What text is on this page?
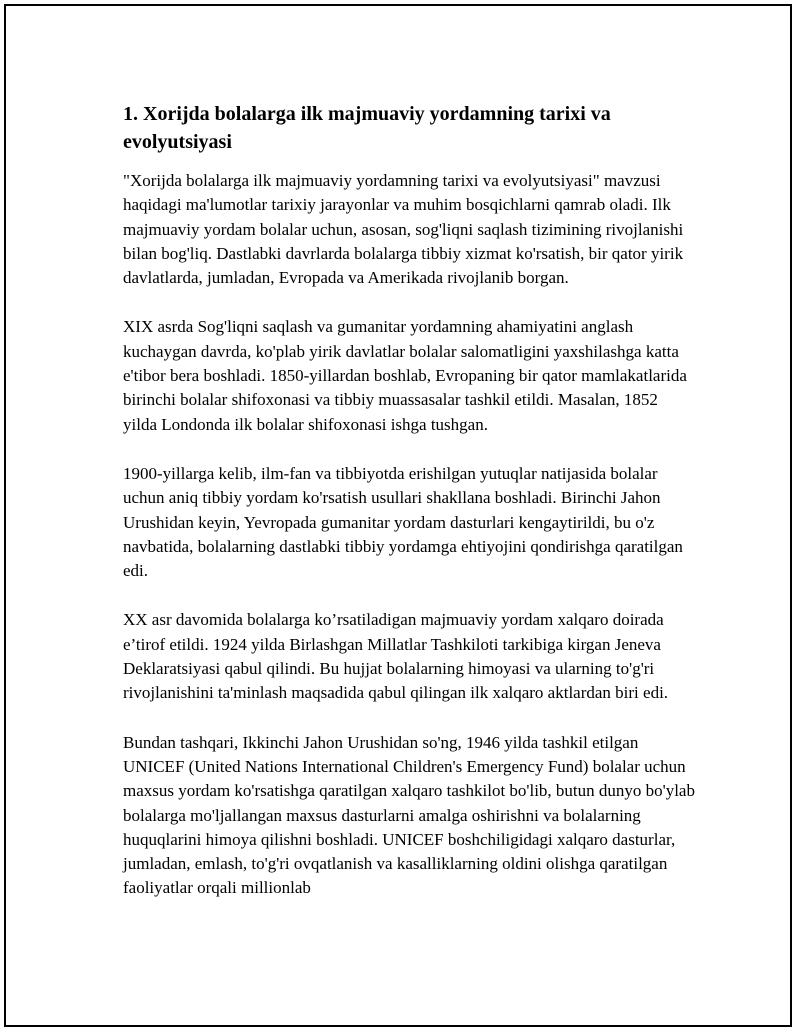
1. Xorijda bolalarga ilk majmuaviy yordamning tarixi va evolyutsiyasi

"Xorijda bolalarga ilk majmuaviy yordamning tarixi va evolyutsiyasi" mavzusi haqidagi ma'lumotlar tarixiy jarayonlar va muhim bosqichlarni qamrab oladi. Ilk majmuaviy yordam bolalar uchun, asosan, sog'liqni saqlash tizimining rivojlanishi bilan bog'liq. Dastlabki davrlarda bolalarga tibbiy xizmat ko'rsatish, bir qator yirik davlatlarda, jumladan, Evropada va Amerikada rivojlanib borgan.

XIX asrda Sog'liqni saqlash va gumanitar yordamning ahamiyatini anglash kuchaygan davrda, ko'plab yirik davlatlar bolalar salomatligini yaxshilashga katta e'tibor bera boshladi. 1850-yillardan boshlab, Evropaning bir qator mamlakatlarida birinchi bolalar shifoxonasi va tibbiy muassasalar tashkil etildi. Masalan, 1852 yilda Londonda ilk bolalar shifoxonasi ishga tushgan.

1900-yillarga kelib, ilm-fan va tibbiyotda erishilgan yutuqlar natijasida bolalar uchun aniq tibbiy yordam ko'rsatish usullari shakllana boshladi. Birinchi Jahon Urushidan keyin, Yevropada gumanitar yordam dasturlari kengaytirildi, bu o'z navbatida, bolalarning dastlabki tibbiy yordamga ehtiyojini qondirishga qaratilgan edi.

XX asr davomida bolalarga ko’rsatiladigan majmuaviy yordam xalqaro doirada e’tirof etildi. 1924 yilda Birlashgan Millatlar Tashkiloti tarkibiga kirgan Jeneva Deklaratsiyasi qabul qilindi. Bu hujjat bolalarning himoyasi va ularning to'g'ri rivojlanishini ta'minlash maqsadida qabul qilingan ilk xalqaro aktlardan biri edi.

Bundan tashqari, Ikkinchi Jahon Urushidan so'ng, 1946 yilda tashkil etilgan UNICEF (United Nations International Children's Emergency Fund) bolalar uchun maxsus yordam ko'rsatishga qaratilgan xalqaro tashkilot bo'lib, butun dunyo bo'ylab bolalarga mo'ljallangan maxsus dasturlarni amalga oshirishni va bolalarning huquqlarini himoya qilishni boshladi. UNICEF boshchiligidagi xalqaro dasturlar, jumladan, emlash, to'g'ri ovqatlanish va kasalliklarning oldini olishga qaratilgan faoliyatlar orqali millionlab
